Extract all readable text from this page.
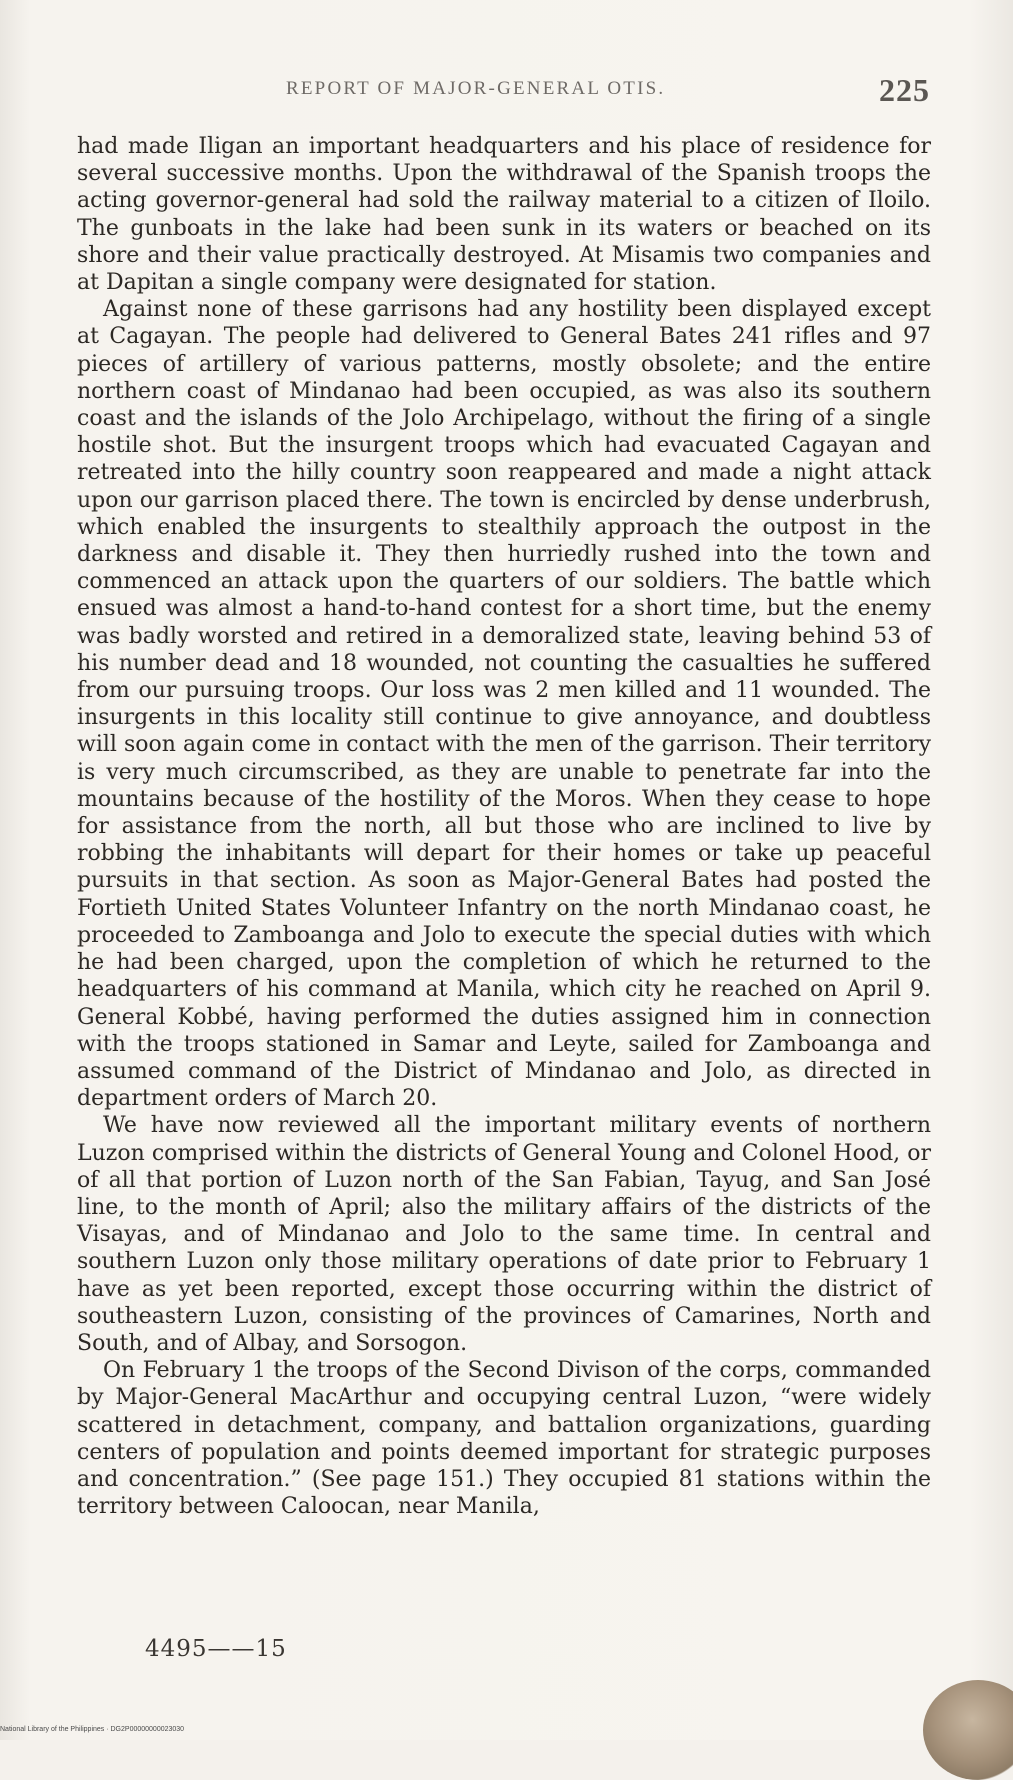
REPORT OF MAJOR-GENERAL OTIS.	225

had made Iligan an important headquarters and his place of residence for several successive months. Upon the withdrawal of the Spanish troops the acting governor-general had sold the railway material to a citizen of Iloilo. The gunboats in the lake had been sunk in its waters or beached on its shore and their value practically destroyed. At Misamis two companies and at Dapitan a single company were designated for station.

Against none of these garrisons had any hostility been displayed except at Cagayan. The people had delivered to General Bates 241 rifles and 97 pieces of artillery of various patterns, mostly obsolete; and the entire northern coast of Mindanao had been occupied, as was also its southern coast and the islands of the Jolo Archipelago, without the firing of a single hostile shot. But the insurgent troops which had evacuated Cagayan and retreated into the hilly country soon reappeared and made a night attack upon our garrison placed there. The town is encircled by dense underbrush, which enabled the insurgents to stealthily approach the outpost in the darkness and disable it. They then hurriedly rushed into the town and commenced an attack upon the quarters of our soldiers. The battle which ensued was almost a hand-to-hand contest for a short time, but the enemy was badly worsted and retired in a demoralized state, leaving behind 53 of his number dead and 18 wounded, not counting the casualties he suffered from our pursuing troops. Our loss was 2 men killed and 11 wounded. The insurgents in this locality still continue to give annoyance, and doubtless will soon again come in contact with the men of the garrison. Their territory is very much circumscribed, as they are unable to penetrate far into the mountains because of the hostility of the Moros. When they cease to hope for assistance from the north, all but those who are inclined to live by robbing the inhabitants will depart for their homes or take up peaceful pursuits in that section. As soon as Major-General Bates had posted the Fortieth United States Volunteer Infantry on the north Mindanao coast, he proceeded to Zamboanga and Jolo to execute the special duties with which he had been charged, upon the completion of which he returned to the headquarters of his command at Manila, which city he reached on April 9. General Kobbé, having performed the duties assigned him in connection with the troops stationed in Samar and Leyte, sailed for Zamboanga and assumed command of the District of Mindanao and Jolo, as directed in department orders of March 20.

We have now reviewed all the important military events of northern Luzon comprised within the districts of General Young and Colonel Hood, or of all that portion of Luzon north of the San Fabian, Tayug, and San José line, to the month of April; also the military affairs of the districts of the Visayas, and of Mindanao and Jolo to the same time. In central and southern Luzon only those military operations of date prior to February 1 have as yet been reported, except those occurring within the district of southeastern Luzon, consisting of the provinces of Camarines, North and South, and of Albay, and Sorsogon.

On February 1 the troops of the Second Divison of the corps, commanded by Major-General MacArthur and occupying central Luzon, “were widely scattered in detachment, company, and battalion organizations, guarding centers of population and points deemed important for strategic purposes and concentration.” (See page 151.) They occupied 81 stations within the territory between Caloocan, near Manila,

4495——15
National Library of the Philippines · DG2P00000000023030
